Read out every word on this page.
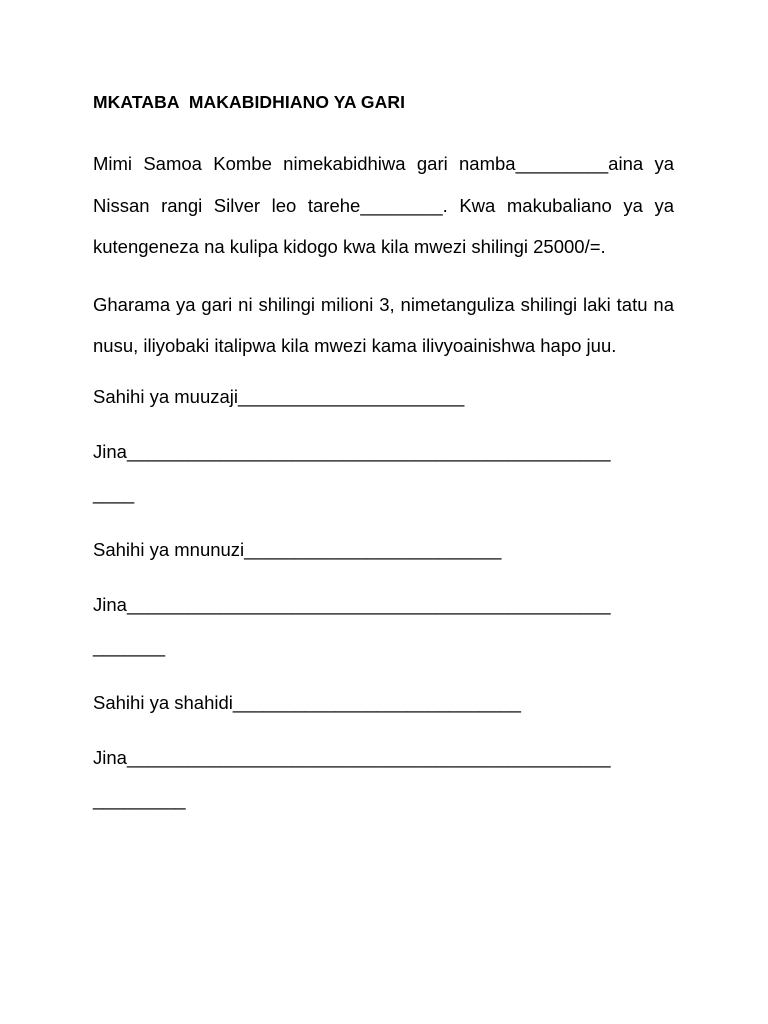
MKATABA  MAKABIDHIANO YA GARI

Mimi Samoa Kombe nimekabidhiwa gari namba_________aina ya Nissan rangi Silver leo tarehe________. Kwa makubaliano ya ya kutengeneza na kulipa kidogo kwa kila mwezi shilingi 25000/=.

Gharama ya gari ni shilingi milioni 3, nimetanguliza shilingi laki tatu na nusu, iliyobaki italipwa kila mwezi kama ilivyoainishwa hapo juu.

Sahihi ya muuzaji______________________
Jina_______________________________________________
____
Sahihi ya mnunuzi_________________________
Jina_______________________________________________
_______
Sahihi ya shahidi____________________________
Jina_______________________________________________
_________
